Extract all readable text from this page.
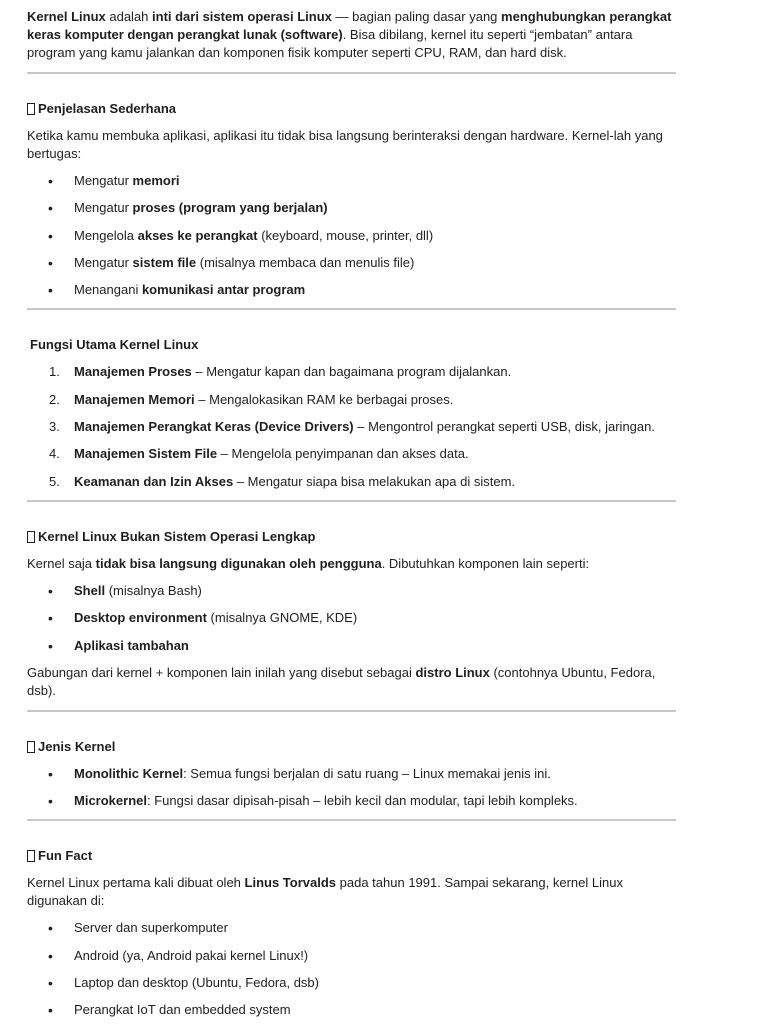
Kernel Linux adalah inti dari sistem operasi Linux — bagian paling dasar yang menghubungkan perangkat keras komputer dengan perangkat lunak (software). Bisa dibilang, kernel itu seperti “jembatan” antara program yang kamu jalankan dan komponen fisik komputer seperti CPU, RAM, dan hard disk.

Penjelasan Sederhana

Ketika kamu membuka aplikasi, aplikasi itu tidak bisa langsung berinteraksi dengan hardware. Kernel-lah yang bertugas:

• Mengatur memori
• Mengatur proses (program yang berjalan)
• Mengelola akses ke perangkat (keyboard, mouse, printer, dll)
• Mengatur sistem file (misalnya membaca dan menulis file)
• Menangani komunikasi antar program
Fungsi Utama Kernel Linux
1. Manajemen Proses – Mengatur kapan dan bagaimana program dijalankan.
2. Manajemen Memori – Mengalokasikan RAM ke berbagai proses.
3. Manajemen Perangkat Keras (Device Drivers) – Mengontrol perangkat seperti USB, disk, jaringan.
4. Manajemen Sistem File – Mengelola penyimpanan dan akses data.
5. Keamanan dan Izin Akses – Mengatur siapa bisa melakukan apa di sistem.
Kernel Linux Bukan Sistem Operasi Lengkap

Kernel saja tidak bisa langsung digunakan oleh pengguna. Dibutuhkan komponen lain seperti:

• Shell (misalnya Bash)
• Desktop environment (misalnya GNOME, KDE)
• Aplikasi tambahan

Gabungan dari kernel + komponen lain inilah yang disebut sebagai distro Linux (contohnya Ubuntu, Fedora, dsb).

Jenis Kernel
• Monolithic Kernel: Semua fungsi berjalan di satu ruang – Linux memakai jenis ini.
• Microkernel: Fungsi dasar dipisah-pisah – lebih kecil dan modular, tapi lebih kompleks.
Fun Fact

Kernel Linux pertama kali dibuat oleh Linus Torvalds pada tahun 1991. Sampai sekarang, kernel Linux digunakan di:

• Server dan superkomputer
• Android (ya, Android pakai kernel Linux!)
• Laptop dan desktop (Ubuntu, Fedora, dsb)
• Perangkat IoT dan embedded system
